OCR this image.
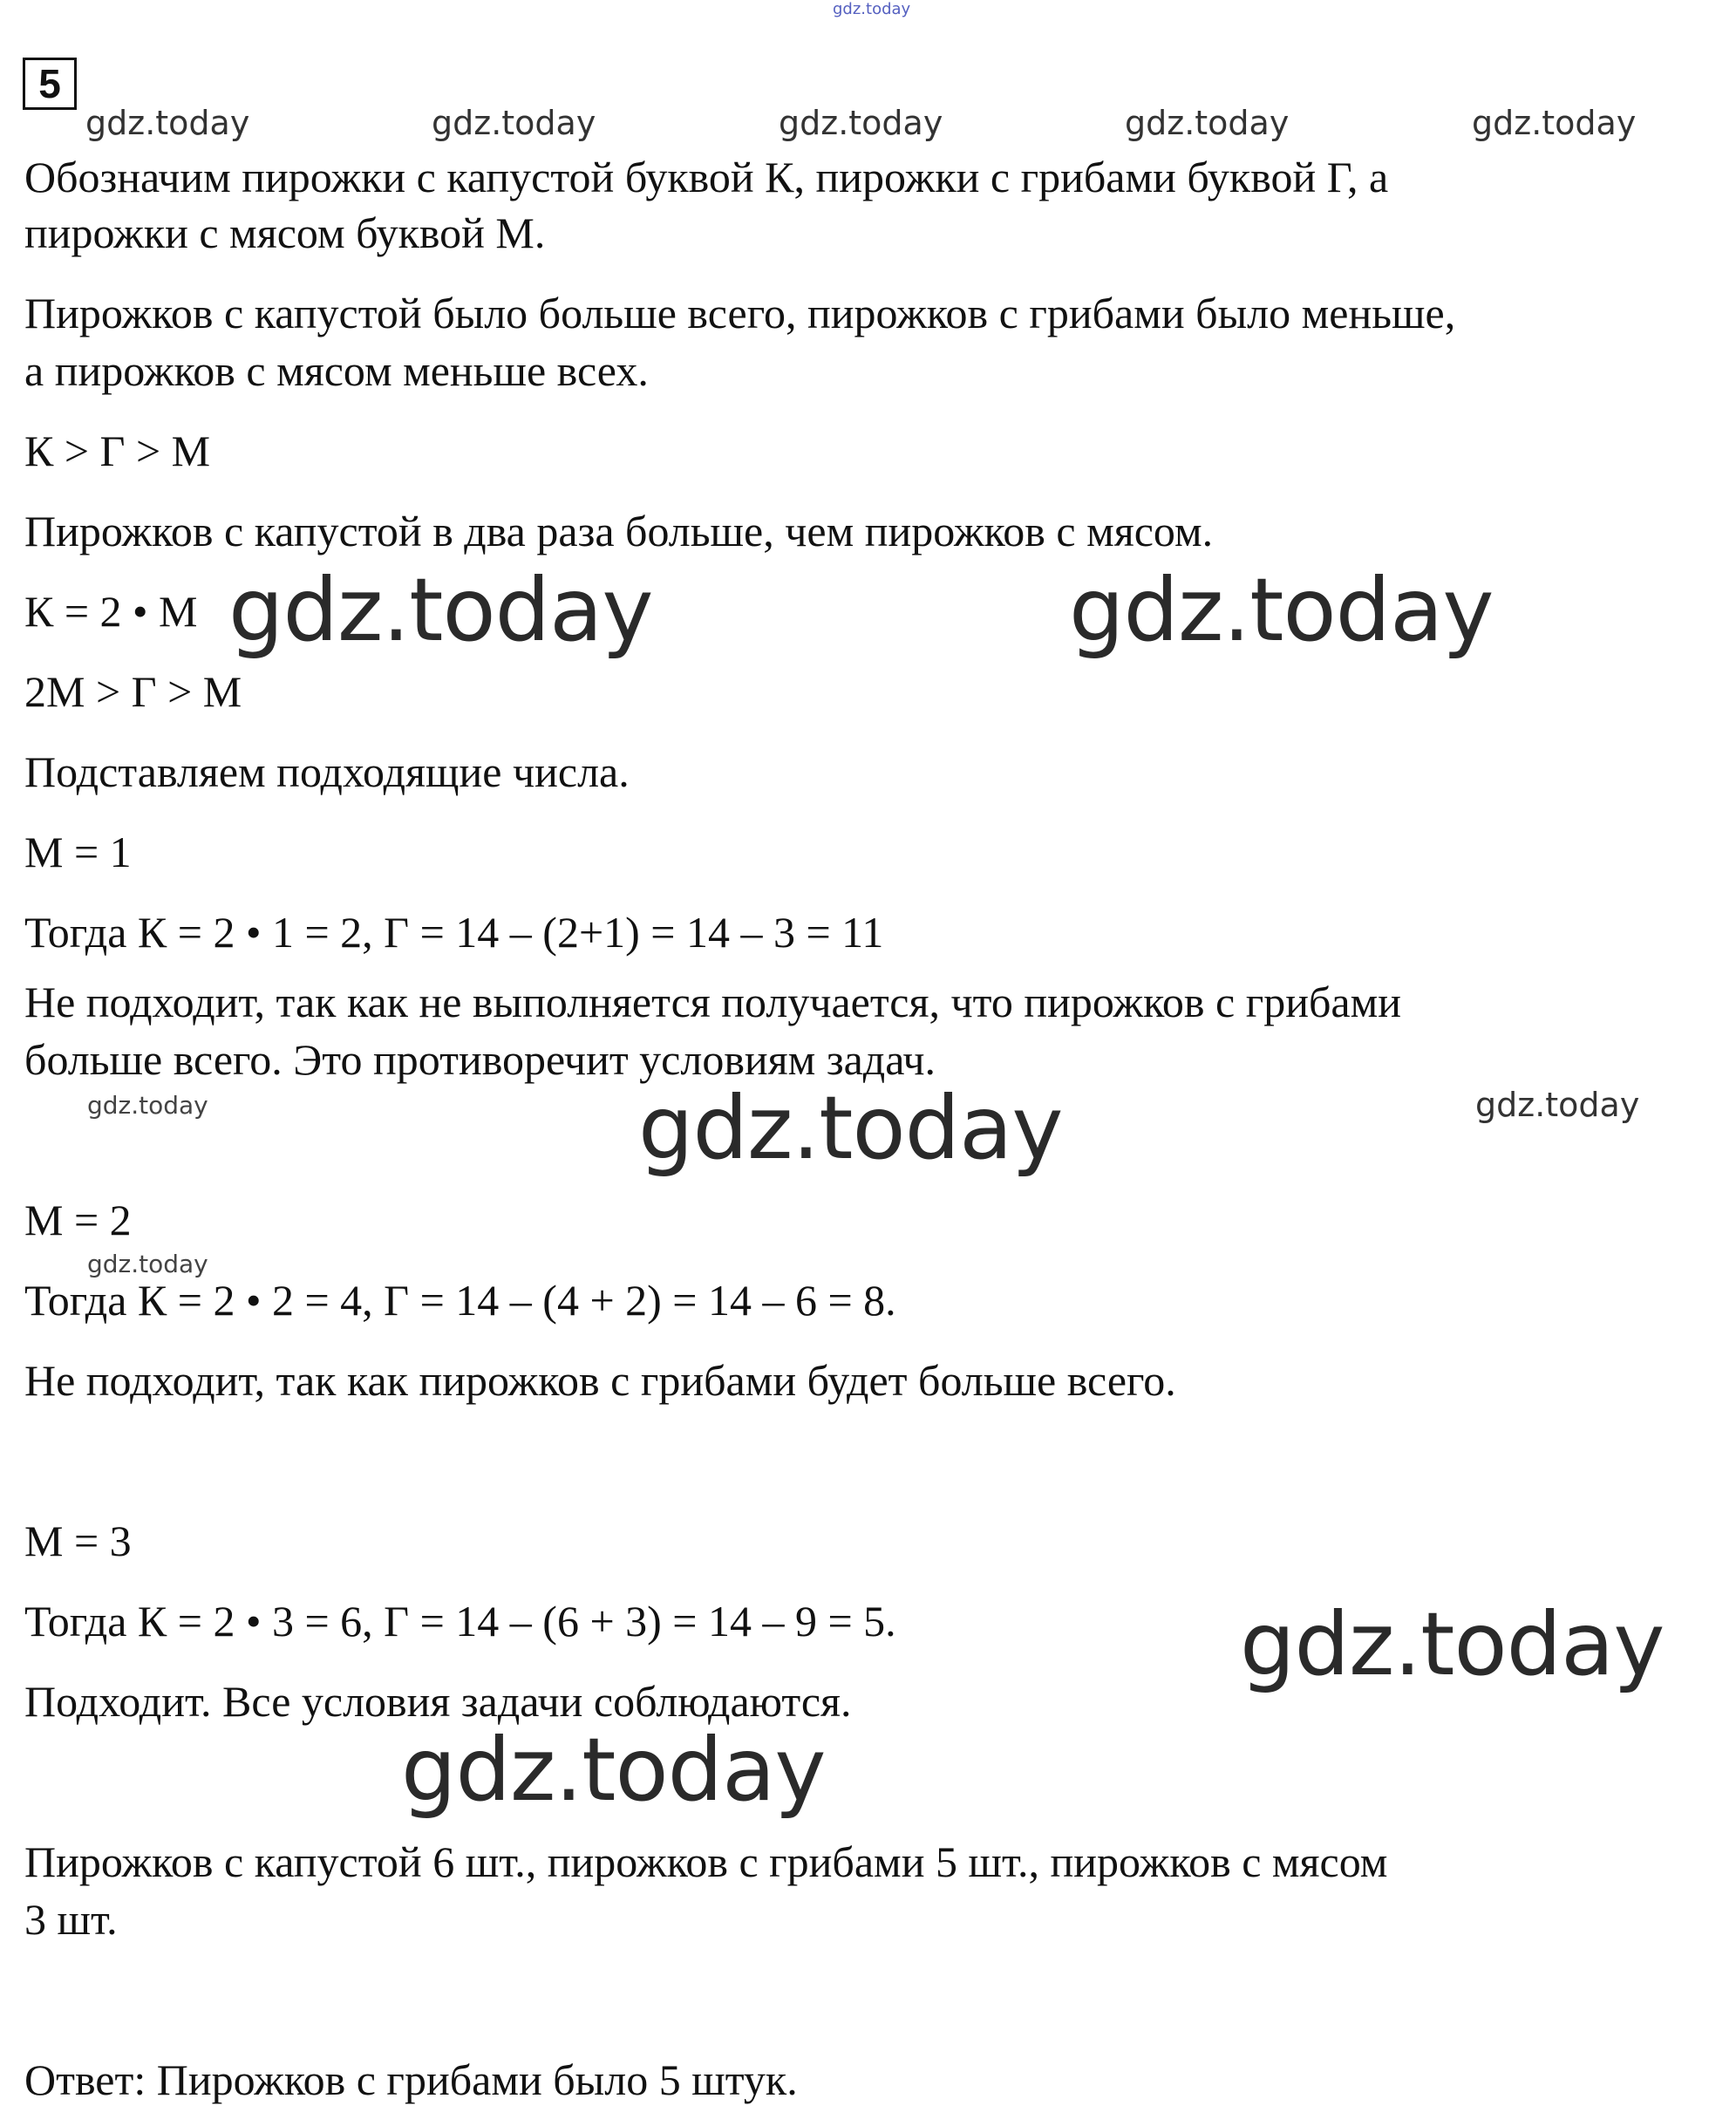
gdz.today
5
gdz.today	gdz.today	gdz.today	gdz.today	gdz.today

Обозначим пирожки с капустой буквой К, пирожки с грибами буквой Г, а

пирожки с мясом буквой М.

Пирожков с капустой было больше всего, пирожков с грибами было меньше,

а пирожков с мясом меньше всех.

К > Г > М

Пирожков с капустой в два раза больше, чем пирожков с мясом.

К = 2 • М gdz.today	gdz.today

2М > Г > М

Подставляем подходящие числа.

М = 1

Тогда К = 2 • 1 = 2, Г = 14 – (2+1) = 14 – 3 = 11

Не подходит, так как не выполняется получается, что пирожков с грибами

больше всего. Это противоречит условиям задач.

gdz.today	gdz.today
gdz.today

М = 2

gdz.today

Тогда К = 2 • 2 = 4, Г = 14 – (4 + 2) = 14 – 6 = 8.

Не подходит, так как пирожков с грибами будет больше всего.

М = 3

Тогда К = 2 • 3 = 6, Г = 14 – (6 + 3) = 14 – 9 = 5.	gdz.today

Подходит. Все условия задачи соблюдаются.

gdz.today

Пирожков с капустой 6 шт., пирожков с грибами 5 шт., пирожков с мясом

3 шт.

Ответ: Пирожков с грибами было 5 штук.
